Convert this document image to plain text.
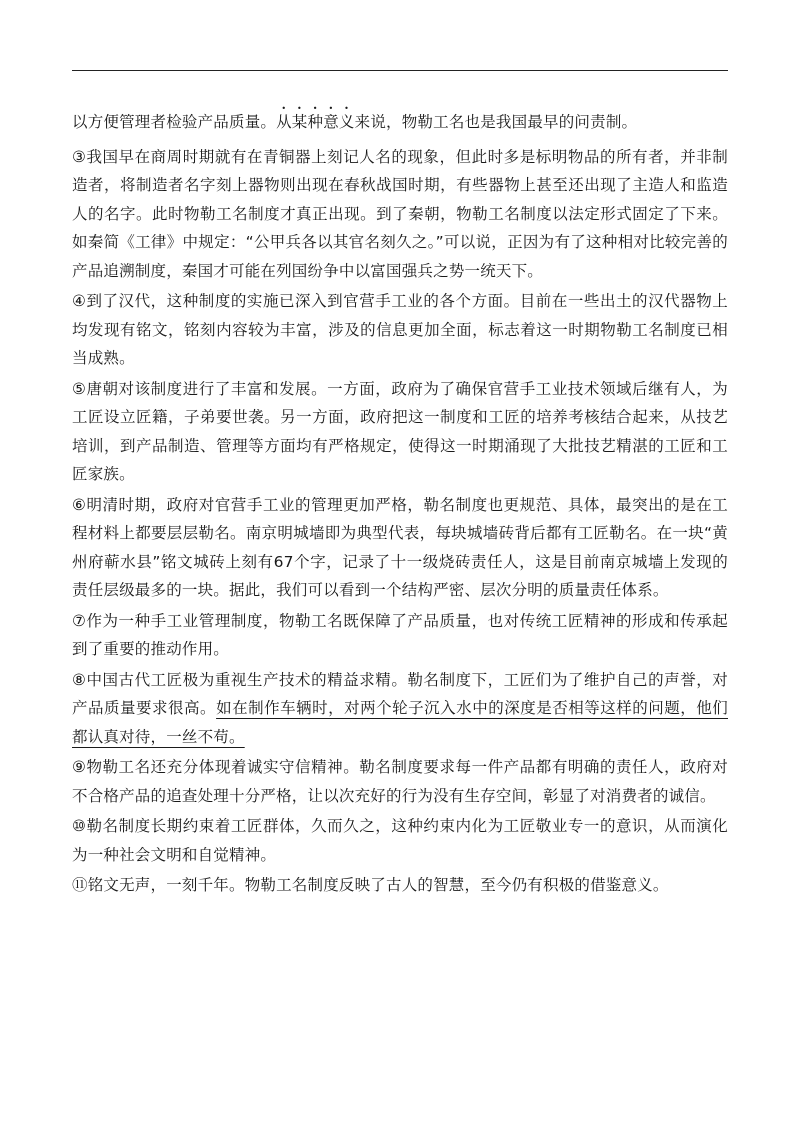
以方便管理者检验产品质量。从某种意义来说，物勒工名也是我国最早的问责制。

③我国早在商周时期就有在青铜器上刻记人名的现象，但此时多是标明物品的所有者，并非制造者，将制造者名字刻上器物则出现在春秋战国时期，有些器物上甚至还出现了主造人和监造人的名字。此时物勒工名制度才真正出现。到了秦朝，物勒工名制度以法定形式固定了下来。如秦简《工律》中规定：“公甲兵各以其官名刻久之。”可以说，正因为有了这种相对比较完善的产品追溯制度，秦国才可能在列国纷争中以富国强兵之势一统天下。

④到了汉代，这种制度的实施已深入到官营手工业的各个方面。目前在一些出土的汉代器物上均发现有铭文，铭刻内容较为丰富，涉及的信息更加全面，标志着这一时期物勒工名制度已相当成熟。

⑤唐朝对该制度进行了丰富和发展。一方面，政府为了确保官营手工业技术领域后继有人，为工匠设立匠籍，子弟要世袭。另一方面，政府把这一制度和工匠的培养考核结合起来，从技艺培训，到产品制造、管理等方面均有严格规定，使得这一时期涌现了大批技艺精湛的工匠和工匠家族。

⑥明清时期，政府对官营手工业的管理更加严格，勒名制度也更规范、具体，最突出的是在工程材料上都要层层勒名。南京明城墙即为典型代表，每块城墙砖背后都有工匠勒名。在一块“黄州府蕲水县”铭文城砖上刻有67个字，记录了十一级烧砖责任人，这是目前南京城墙上发现的责任层级最多的一块。据此，我们可以看到一个结构严密、层次分明的质量责任体系。

⑦作为一种手工业管理制度，物勒工名既保障了产品质量，也对传统工匠精神的形成和传承起到了重要的推动作用。

⑧中国古代工匠极为重视生产技术的精益求精。勒名制度下，工匠们为了维护自己的声誉，对产品质量要求很高。如在制作车辆时，对两个轮子沉入水中的深度是否相等这样的问题，他们都认真对待，一丝不苟。

⑨物勒工名还充分体现着诚实守信精神。勒名制度要求每一件产品都有明确的责任人，政府对不合格产品的追查处理十分严格，让以次充好的行为没有生存空间，彰显了对消费者的诚信。

⑩勒名制度长期约束着工匠群体，久而久之，这种约束内化为工匠敬业专一的意识，从而演化为一种社会文明和自觉精神。

⑪铭文无声，一刻千年。物勒工名制度反映了古人的智慧，至今仍有积极的借鉴意义。
